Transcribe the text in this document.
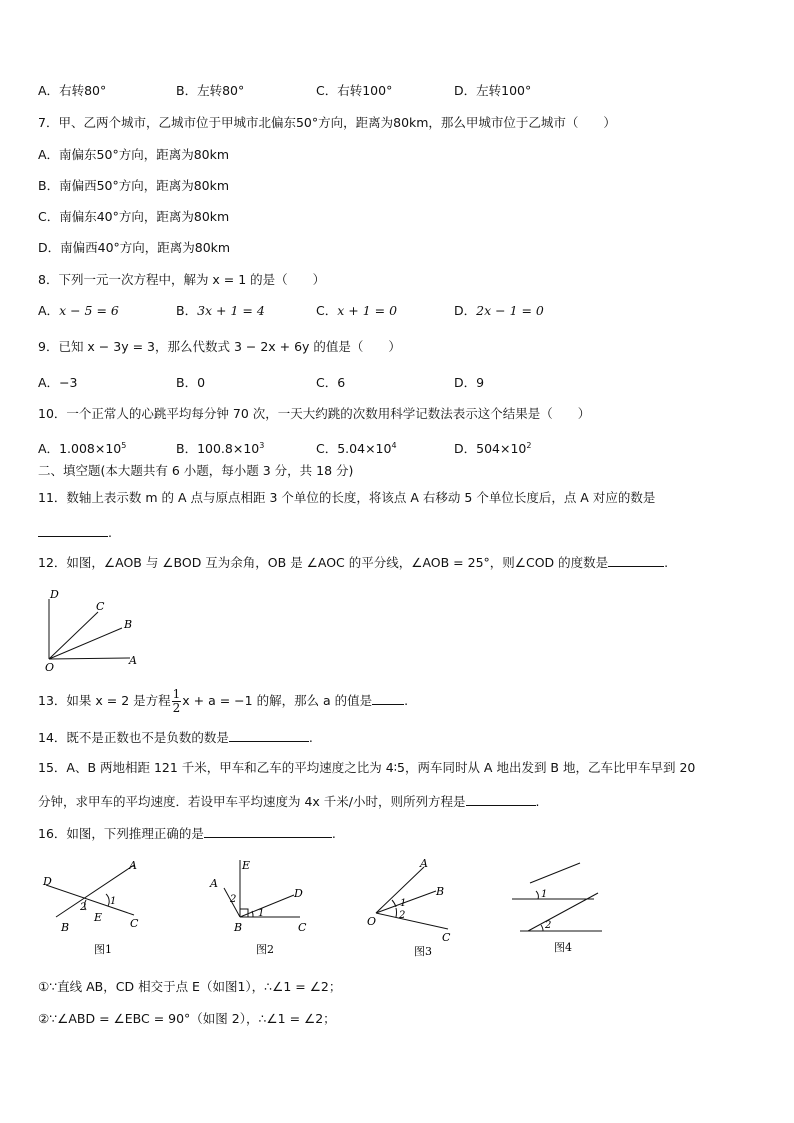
A．右转80°	B．左转80°	C．右转100°	D．左转100°
7．甲、乙两个城市，乙城市位于甲城市北偏东50°方向，距离为80km，那么甲城市位于乙城市（　　）
A．南偏东50°方向，距离为80km
B．南偏西50°方向，距离为80km
C．南偏东40°方向，距离为80km
D．南偏西40°方向，距离为80km
8．下列一元一次方程中，解为 x = 1 的是（　　）
A．x − 5 = 6	B．3x + 1 = 4	C．x + 1 = 0	D．2x − 1 = 0
9．已知 x − 3y = 3，那么代数式 3 − 2x + 6y 的值是（　　）
A．−3	B．0	C．6	D．9
10．一个正常人的心跳平均每分钟 70 次，一天大约跳的次数用科学记数法表示这个结果是（　　）
A．$1.008\times 10^5$	B．$100.8\times 10^3$	C．$5.04\times 10^4$	D．$504\times 10^2$
二、填空题(本大题共有 6 小题，每小题 3 分，共 18 分)
11．数轴上表示数 m 的 A 点与原点相距 3 个单位的长度，将该点 A 右移动 5 个单位长度后，点 A 对应的数是
.
12．如图，∠AOB 与 ∠BOD 互为余角，OB 是 ∠AOC 的平分线，∠AOB = 25°，则∠COD 的度数是	.
D
C
B
O
A
13．如果 x = 2 是方程 $\frac{1}{2}$ x + a = −1 的解，那么 a 的值是	.
14．既不是正数也不是负数的数是	.
15．A、B 两地相距 121 千米，甲车和乙车的平均速度之比为 4∶5，两车同时从 A 地出发到 B 地，乙车比甲车早到 20
分钟，求甲车的平均速度．若设甲车平均速度为 4x 千米/小时，则所列方程是	.
16．如图，下列推理正确的是	.
A
D
E
B	C
1
2
图1
E
A
D
B	C
1
2
图2
A
B
O
C
1
2
图3
1
2
图4
①∵直线 AB，CD 相交于点 E（如图1），∴∠1 = ∠2；
②∵∠ABD = ∠EBC = 90°（如图 2），∴∠1 = ∠2；
